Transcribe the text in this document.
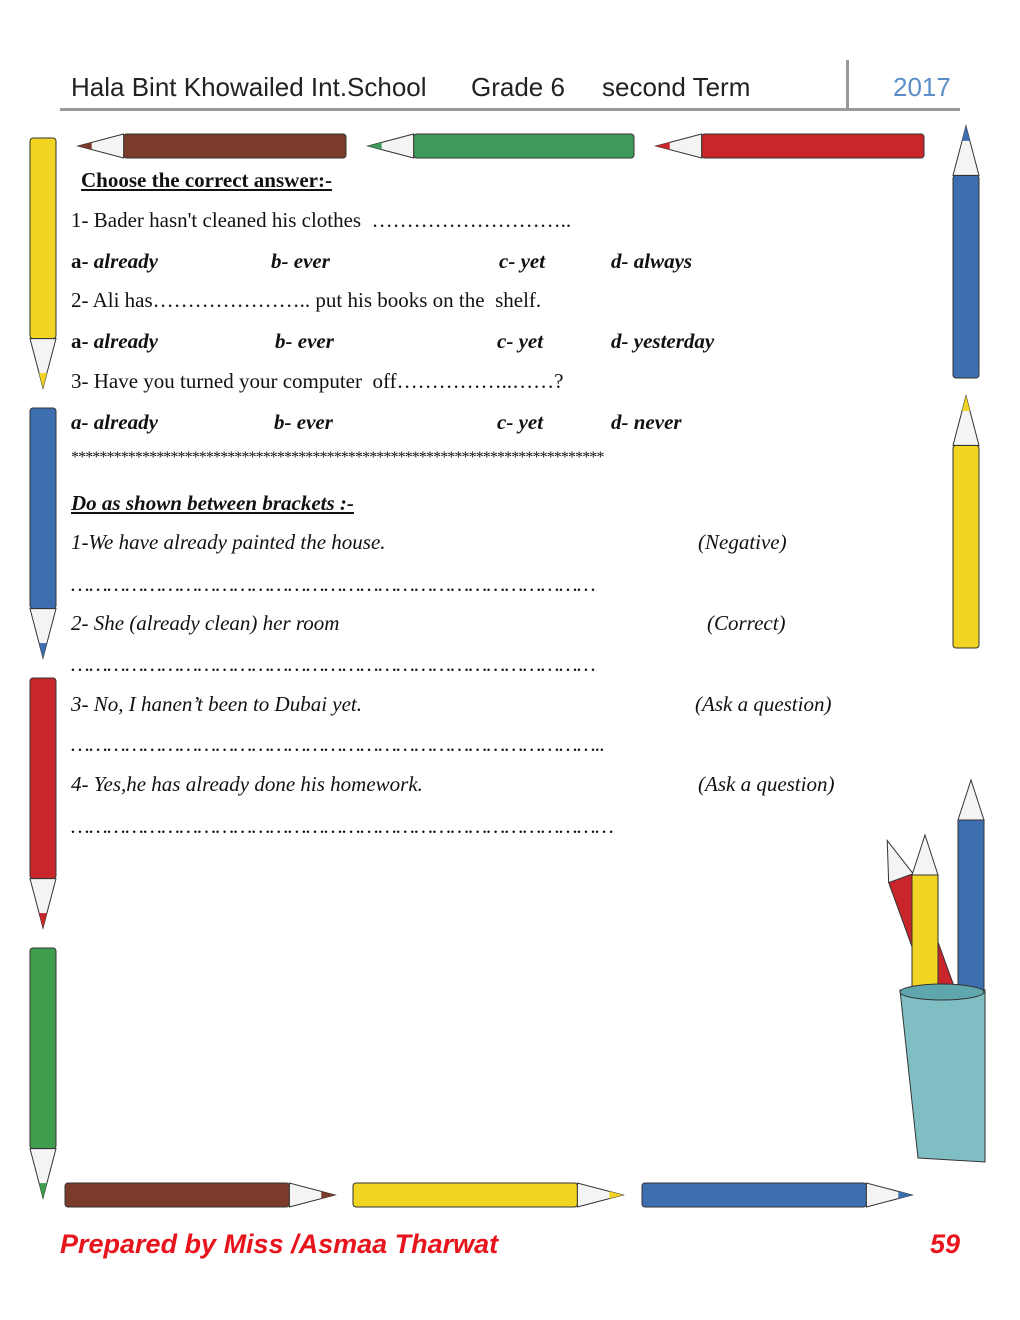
Hala Bint Khowailed Int.School Grade 6 second Term	2017
Choose the correct answer:-
1- Bader hasn't cleaned his clothes  ………………………..
a- already	b- ever	c- yet	d- always
2- Ali has………………….. put his books on the  shelf.
a- already	b- ever	c- yet	d- yesterday
3- Have you turned your computer  off……………..……?
a- already	b- ever	c- yet	d- never
***************************************************************************
Do as shown between brackets :-
1-We have already painted the house.	(Negative)
……………………………………………………………………………
2- She (already clean) her room	(Correct)
……………………………………………………………………………
3- No, I hanen’t been to Dubai yet.	(Ask a question)
……………………………………………………………………………..
4- Yes,he has already done his homework.	(Ask a question)
………………………………………………………………………………
Prepared by Miss /Asmaa Tharwat	59
